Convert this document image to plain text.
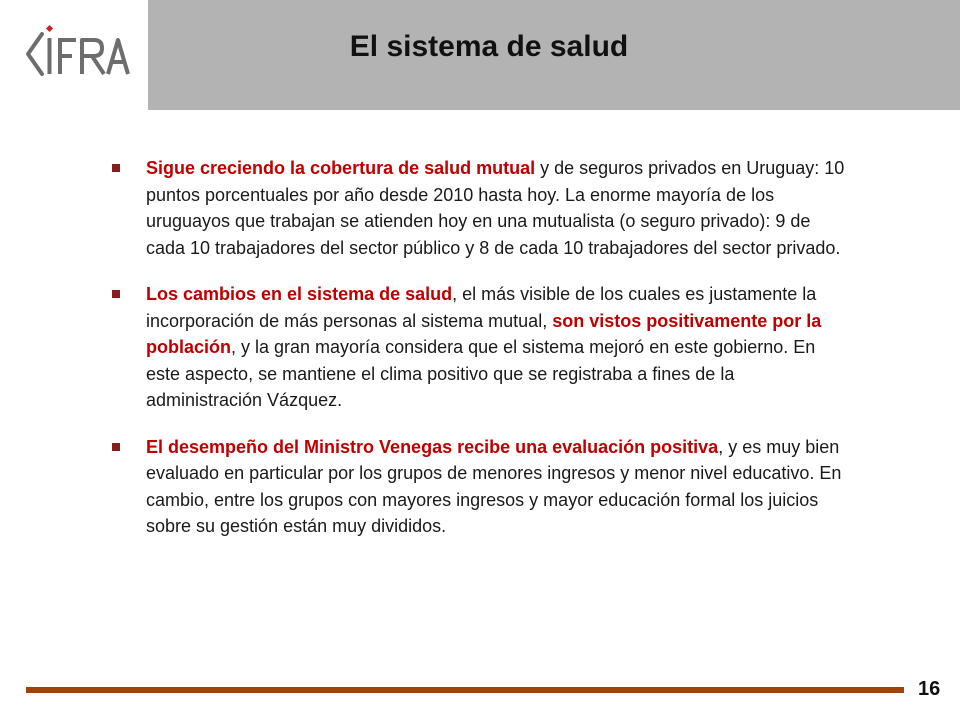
El sistema de salud
Sigue creciendo la cobertura de salud mutual y de seguros privados en Uruguay: 10 puntos porcentuales por año desde 2010 hasta hoy. La enorme mayoría de los uruguayos que trabajan se atienden hoy en una mutualista (o seguro privado): 9 de cada 10 trabajadores del sector público y 8 de cada 10 trabajadores del sector privado.
Los cambios en el sistema de salud, el más visible de los cuales es justamente la incorporación de más personas al sistema mutual, son vistos positivamente por la población, y la gran mayoría considera que el sistema mejoró en este gobierno. En este aspecto, se mantiene el clima positivo que se registraba a fines de la administración Vázquez.
El desempeño del Ministro Venegas recibe una evaluación positiva, y es muy bien evaluado en particular por los grupos de menores ingresos y menor nivel educativo. En cambio, entre los grupos con mayores ingresos y mayor educación formal los juicios sobre su gestión están muy divididos.
16
